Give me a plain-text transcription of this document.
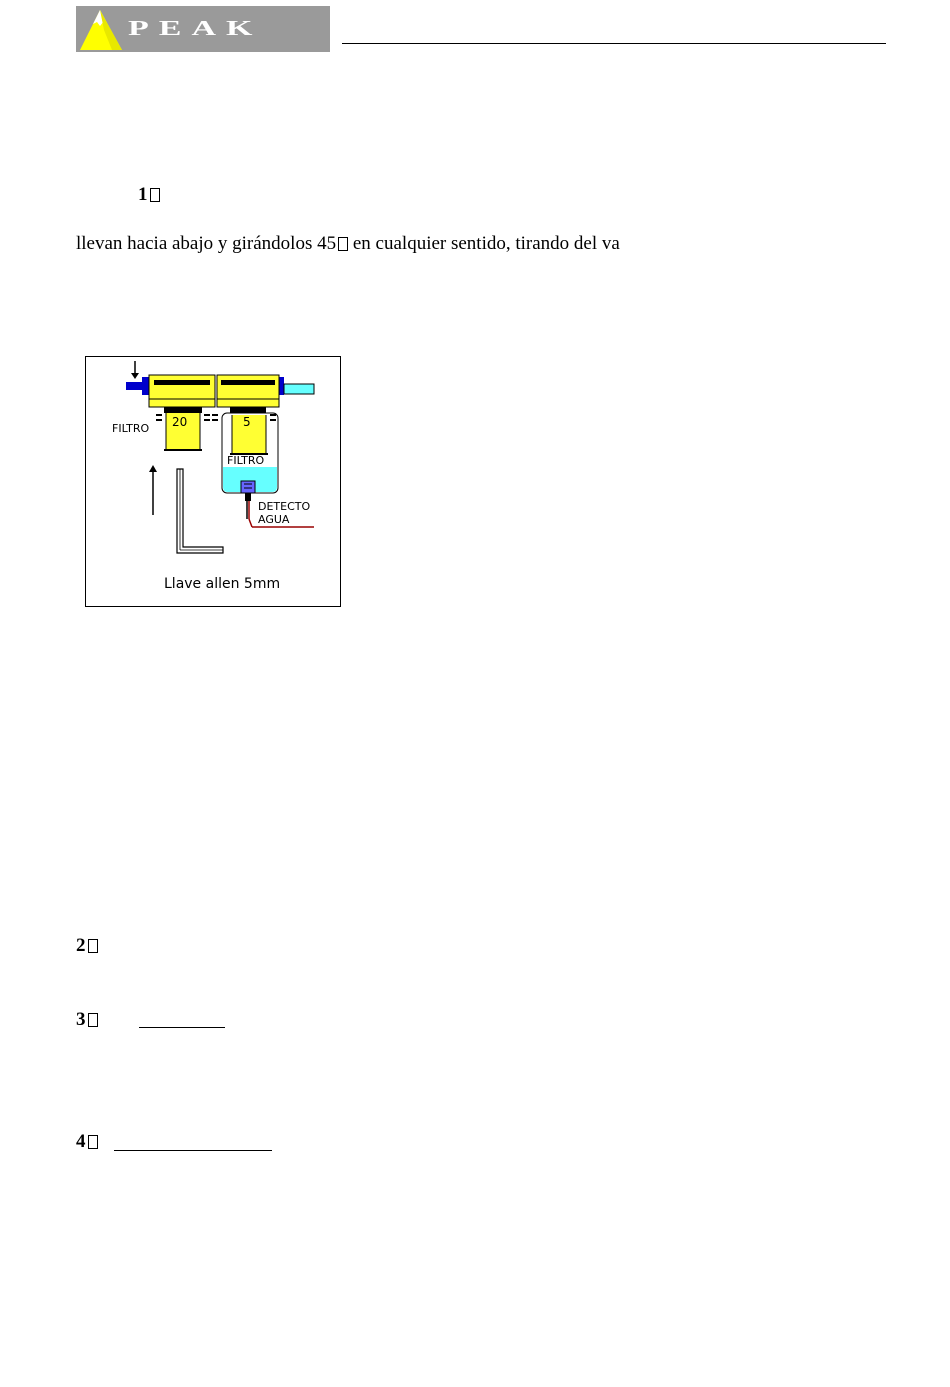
PEAK
1
llevan hacia abajo y girándolos 45 en cualquier sentido, tirando del va
FILTRO 20	5
FILTRO
DETECTO
AGUA
Llave allen 5mm
2
3
4
